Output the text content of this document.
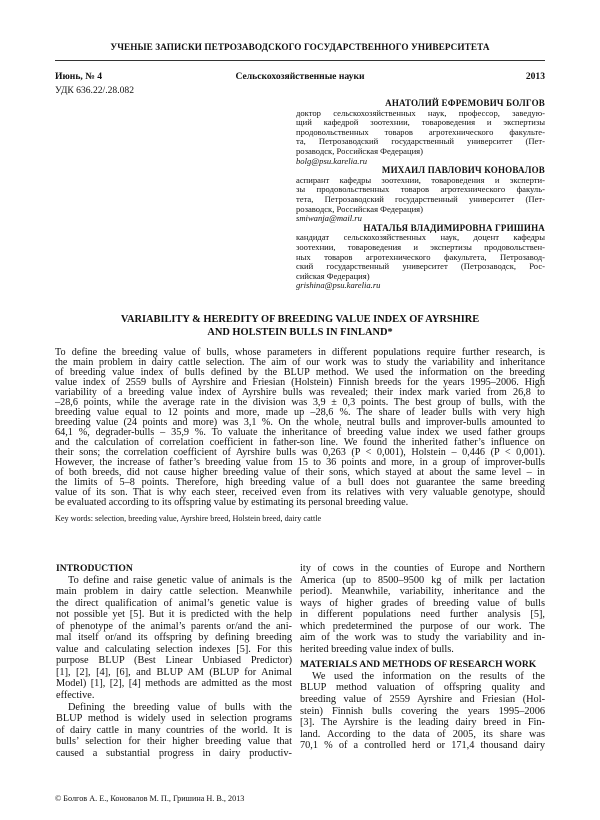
УЧЕНЫЕ ЗАПИСКИ ПЕТРОЗАВОДСКОГО ГОСУДАРСТВЕННОГО УНИВЕРСИТЕТА
Июнь, № 4	Сельскохозяйственные науки	2013
УДК 636.22/.28.082
АНАТОЛИЙ ЕФРЕМОВИЧ БОЛГОВ
доктор сельскохозяйственных наук, профессор, заведую-
щий кафедрой зоотехнии, товароведения и экспертизы
продовольственных товаров агротехнического факульте-
та, Петрозаводский государственный университет (Пет-
розаводск, Российская Федерация)
bolg@psu.karelia.ru
МИХАИЛ ПАВЛОВИЧ КОНОВАЛОВ
аспирант кафедры зоотехнии, товароведения и эксперти-
зы продовольственных товаров агротехнического факуль-
тета, Петрозаводский государственный университет (Пет-
розаводск, Российская Федерация)
smiwanja@mail.ru
НАТАЛЬЯ ВЛАДИМИРОВНА ГРИШИНА
кандидат сельскохозяйственных наук, доцент кафедры
зоотехнии, товароведения и экспертизы продовольствен-
ных товаров агротехнического факультета, Петрозавод-
ский государственный университет (Петрозаводск, Рос-
сийская Федерация)
grishina@psu.karelia.ru
VARIABILITY & HEREDITY OF BREEDING VALUE INDEX OF AYRSHIRE
AND HOLSTEIN BULLS IN FINLAND*
To define the breeding value of bulls, whose parameters in different populations require further research, is
the main problem in dairy cattle selection. The aim of our work was to study the variability and inheritance
of breeding value index of bulls defined by the BLUP method. We used the information on the breeding
value index of 2559 bulls of Ayrshire and Friesian (Holstein) Finnish breeds for the years 1995–2006. High
variability of a breeding value index of Ayrshire bulls was revealed; their index mark varied from 26,8 to
–28,6 points, while the average rate in the division was 3,9 ± 0,3 points. The best group of bulls, with the
breeding value equal to 12 points and more, made up –28,6 %. The share of leader bulls with very high
breeding value (24 points and more) was 3,1 %. On the whole, neutral bulls and improver-bulls amounted to
64,1 %, degrader-bulls – 35,9 %. To valuate the inheritance of breeding value index we used father groups
and the calculation of correlation coefficient in father-son line. We found the inherited father’s influence on
their sons; the correlation coefficient of Ayrshire bulls was 0,263 (P < 0,001), Holstein – 0,446 (P < 0,001).
However, the increase of father’s breeding value from 15 to 36 points and more, in a group of improver-bulls
of both breeds, did not cause higher breeding value of their sons, which stayed at about the same level – in
the limits of 5–8 points. Therefore, high breeding value of a bull does not guarantee the same breeding
value of its son. That is why each steer, received even from its relatives with very valuable genotype, should
be evaluated according to its offspring value by estimating its personal breeding value.
Key words: selection, breeding value, Ayrshire breed, Holstein breed, dairy cattle
INTRODUCTION
To define and raise genetic value of animals is the
main problem in dairy cattle selection. Meanwhile
the direct qualification of animal’s genetic value is
not possible yet [5]. But it is predicted with the help
of phenotype of the animal’s parents or/and the ani-
mal itself or/and its offspring by defining breeding
value and calculating selection indexes [5]. For this
purpose BLUP (Best Linear Unbiased Predictor)
[1], [2], [4], [6], and BLUP AM (BLUP for Animal
Model) [1], [2], [4] methods are admitted as the most
effective.
Defining the breeding value of bulls with the
BLUP method is widely used in selection programs
of dairy cattle in many countries of the world. It is
bulls’ selection for their higher breeding value that
caused a substantial progress in dairy productiv-
ity of cows in the counties of Europe and Northern
America (up to 8500–9500 kg of milk per lactation
period). Meanwhile, variability, inheritance and the
ways of higher grades of breeding value of bulls
in different populations need further analysis [5],
which predetermined the purpose of our work. The
aim of the work was to study the variability and in-
herited breeding value index of bulls.
MATERIALS AND METHODS OF RESEARCH WORK
We used the information on the results of the
BLUP method valuation of offspring quality and
breeding value of 2559 Ayrshire and Friesian (Hol-
stein) Finnish bulls covering the years 1995–2006
[3]. The Ayrshire is the leading dairy breed in Fin-
land. According to the data of 2005, its share was
70,1 % of a controlled herd or 171,4 thousand dairy
© Болгов А. Е., Коновалов М. П., Гришина Н. В., 2013
